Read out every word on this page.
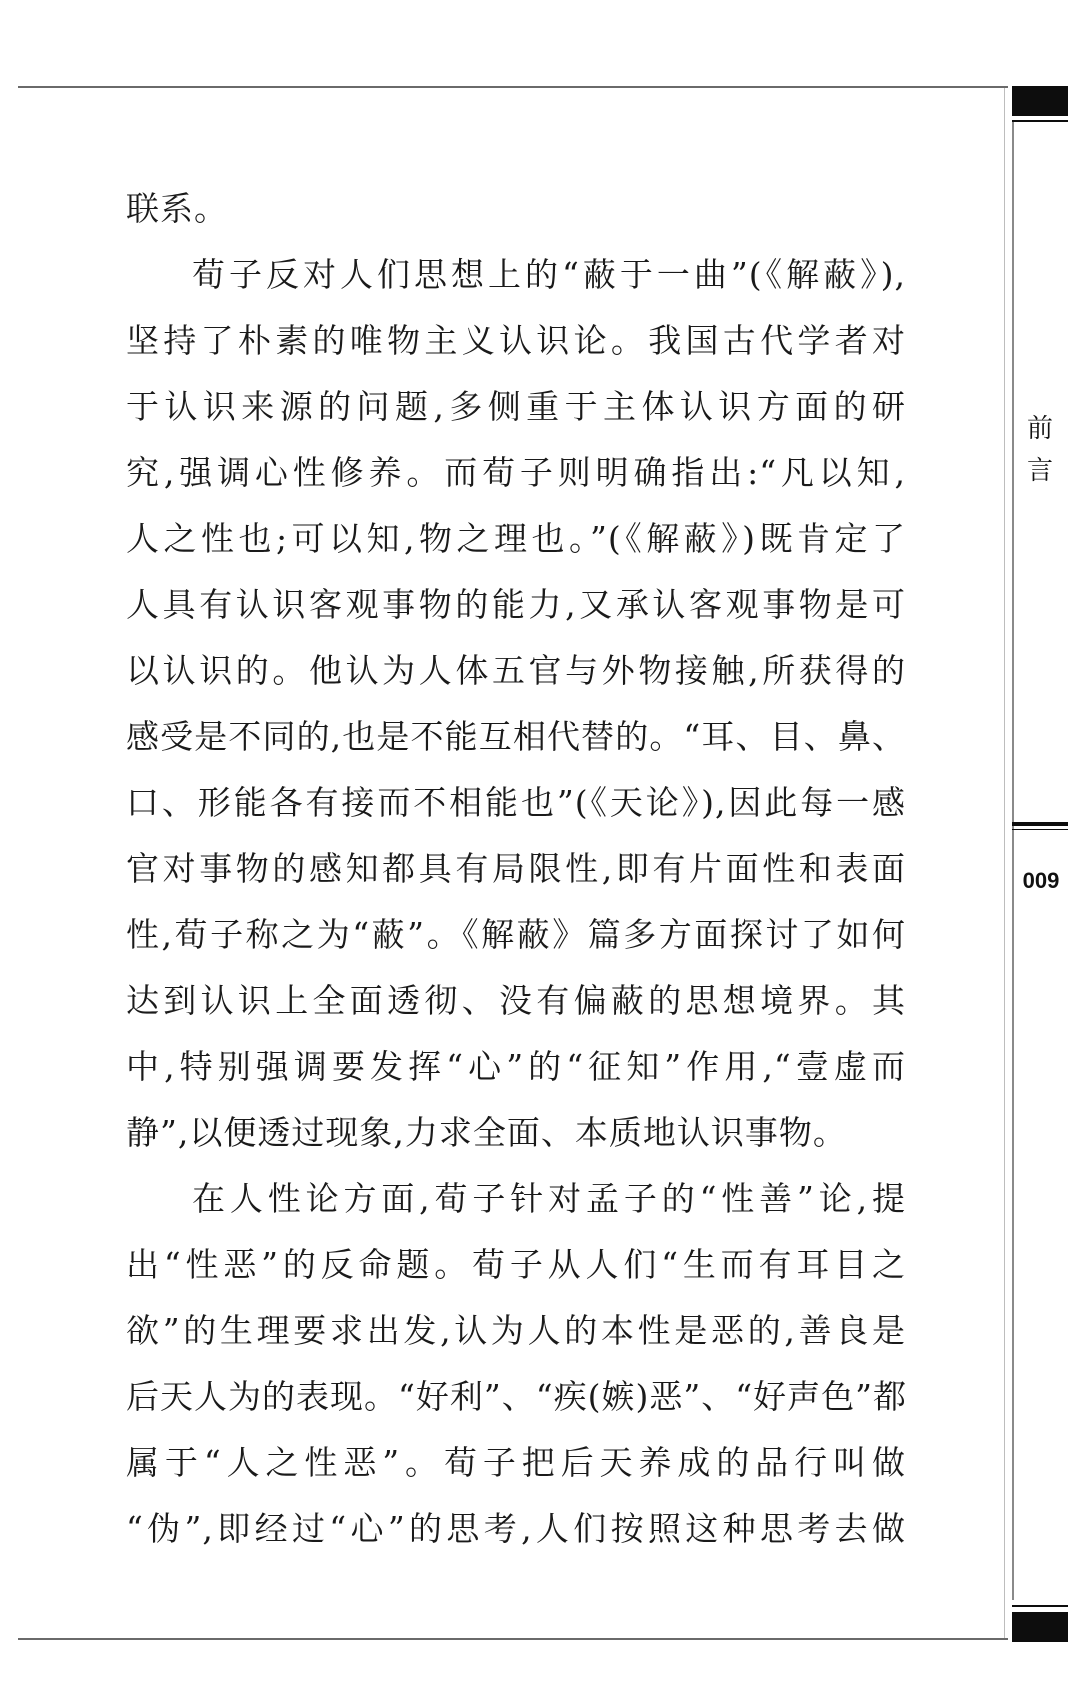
前言
009
联系。
荀子反对人们思想上的“蔽于一曲”(《解蔽》),
坚持了朴素的唯物主义认识论。我国古代学者对
于认识来源的问题,多侧重于主体认识方面的研
究,强调心性修养。而荀子则明确指出:“凡以知,
人之性也;可以知,物之理也。”(《解蔽》)既肯定了
人具有认识客观事物的能力,又承认客观事物是可
以认识的。他认为人体五官与外物接触,所获得的
感受是不同的,也是不能互相代替的。“耳、目、鼻、
口、形能各有接而不相能也”(《天论》),因此每一感
官对事物的感知都具有局限性,即有片面性和表面
性,荀子称之为“蔽”。《解蔽》篇多方面探讨了如何
达到认识上全面透彻、没有偏蔽的思想境界。其
中,特别强调要发挥“心”的“征知”作用,“壹虚而
静”,以便透过现象,力求全面、本质地认识事物。
在人性论方面,荀子针对孟子的“性善”论,提
出“性恶”的反命题。荀子从人们“生而有耳目之
欲”的生理要求出发,认为人的本性是恶的,善良是
后天人为的表现。“好利”、“疾(嫉)恶”、“好声色”都
属于“人之性恶”。荀子把后天养成的品行叫做
“伪”,即经过“心”的思考,人们按照这种思考去做
